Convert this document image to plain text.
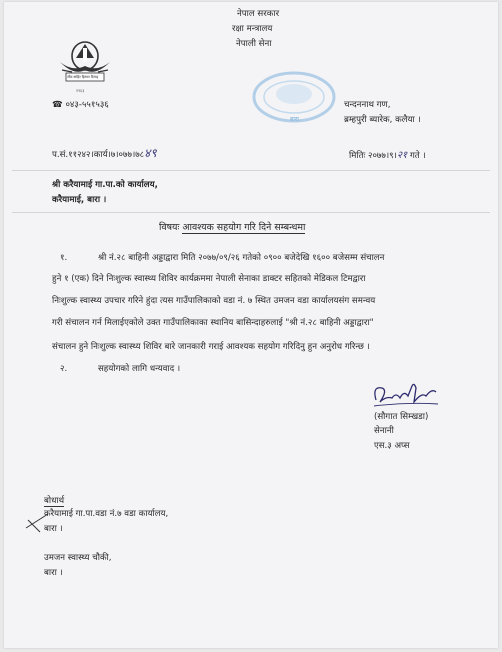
जीउ बाहिर हिम्मत दिनाह
१९६३
नेपाल सरकार
रक्षा मन्त्रालय
नेपाली सेना
☎ ०४३-५५१५३६
बारा
चन्दननाथ गण,
ब्रम्हपुरी ब्यारेक, कलैया ।
प.सं.११२४२।कार्य।७।०७७।७८४९	मितिः २०७७।९।२१ गते ।
श्री करैयामाई गा.पा.को कार्यालय,
करैयामाई, बारा ।
विषयः आवश्यक सहयोग गरि दिने सम्बन्धमा
१.	श्री नं.२८ बाहिनी अड्डाद्वारा मिति २०७७/०९/२६ गतेको ०९०० बजेदेखि १६०० बजेसम्म संचालन
हुने १ (एक) दिने निःशुल्क स्वास्थ्य शिविर कार्यक्रममा नेपाली सेनाका डाक्टर सहितको मेडिकल टिमद्वारा
निःशुल्क स्वास्थ्य उपचार गरिने हुंदा त्यस गाउँपालिकाको वडा नं. ७ स्थित उमजन वडा कार्यालयसंग समन्वय
गरी संचालन गर्न मिलाईएकोले उक्त गाउँपालिकाका स्थानिय बासिन्दाहरुलाई "श्री नं.२८ बाहिनी अड्डाद्वारा"
संचालन हुने निःशुल्क स्वास्थ्य शिविर बारे जानकारी गराई आवश्यक सहयोग गरिदिनु हुन अनुरोध गरिन्छ ।
२.	सहयोगको लागि धन्यवाद ।
(सौगात सिम्खडा)
सेनानी
एस.३ अप्स
बोधार्थ
करैयामाई गा.पा.वडा नं.७ वडा कार्यालय,
बारा ।
उमजन स्वास्थ्य चौकी,
बारा ।
